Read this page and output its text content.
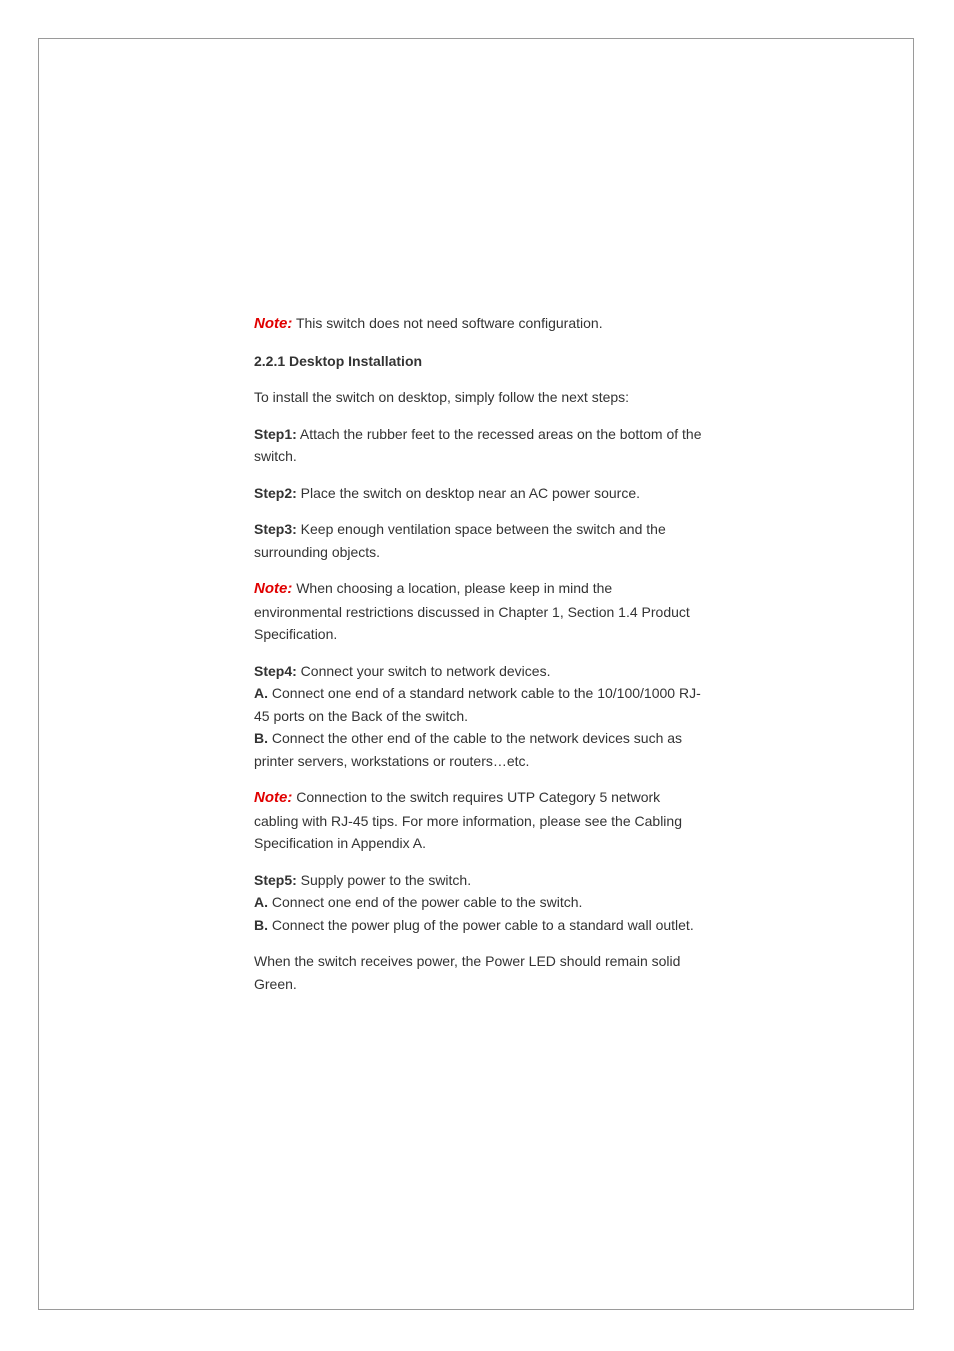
Note: This switch does not need software configuration.

2.2.1 Desktop Installation

To install the switch on desktop, simply follow the next steps:

Step1: Attach the rubber feet to the recessed areas on the bottom of the switch.

Step2: Place the switch on desktop near an AC power source.

Step3: Keep enough ventilation space between the switch and the surrounding objects.

Note: When choosing a location, please keep in mind the environmental restrictions discussed in Chapter 1, Section 1.4 Product Specification.

Step4: Connect your switch to network devices.

A. Connect one end of a standard network cable to the 10/100/1000 RJ-45 ports on the Back of the switch.

B. Connect the other end of the cable to the network devices such as printer servers, workstations or routers…etc.

Note: Connection to the switch requires UTP Category 5 network cabling with RJ-45 tips. For more information, please see the Cabling Specification in Appendix A.

Step5: Supply power to the switch.

A. Connect one end of the power cable to the switch.

B. Connect the power plug of the power cable to a standard wall outlet.

When the switch receives power, the Power LED should remain solid Green.
